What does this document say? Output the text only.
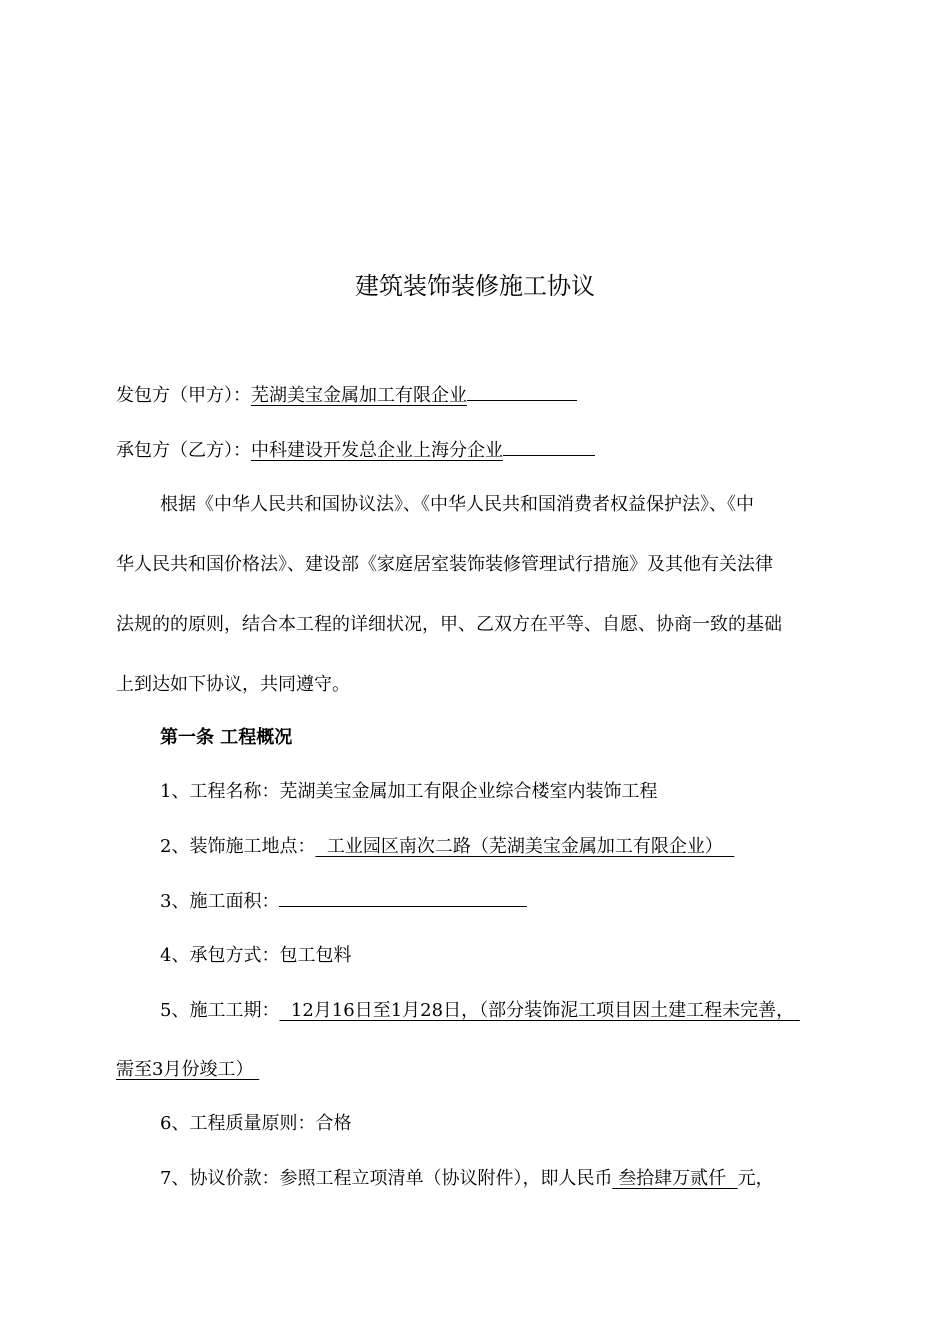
建筑装饰装修施工协议
发包方（甲方）：芜湖美宝金属加工有限企业
承包方（乙方）：中科建设开发总企业上海分企业
根据《中华人民共和国协议法》、《中华人民共和国消费者权益保护法》、《中
华人民共和国价格法》、建设部《家庭居室装饰装修管理试行措施》及其他有关法律
法规的的原则，结合本工程的详细状况，甲、乙双方在平等、自愿、协商一致的基础
上到达如下协议，共同遵守。
第一条 工程概况
1、工程名称：芜湖美宝金属加工有限企业综合楼室内装饰工程
2、装饰施工地点： 工业园区南次二路（芜湖美宝金属加工有限企业）
3、施工面积：
4、承包方式：包工包料
5、施工工期： 12月16日至1月28日，（部分装饰泥工项目因土建工程未完善，
需至3月份竣工）
6、工程质量原则：合格
7、协议价款：参照工程立项清单（协议附件），即人民币 叁拾肆万贰仟 元，
